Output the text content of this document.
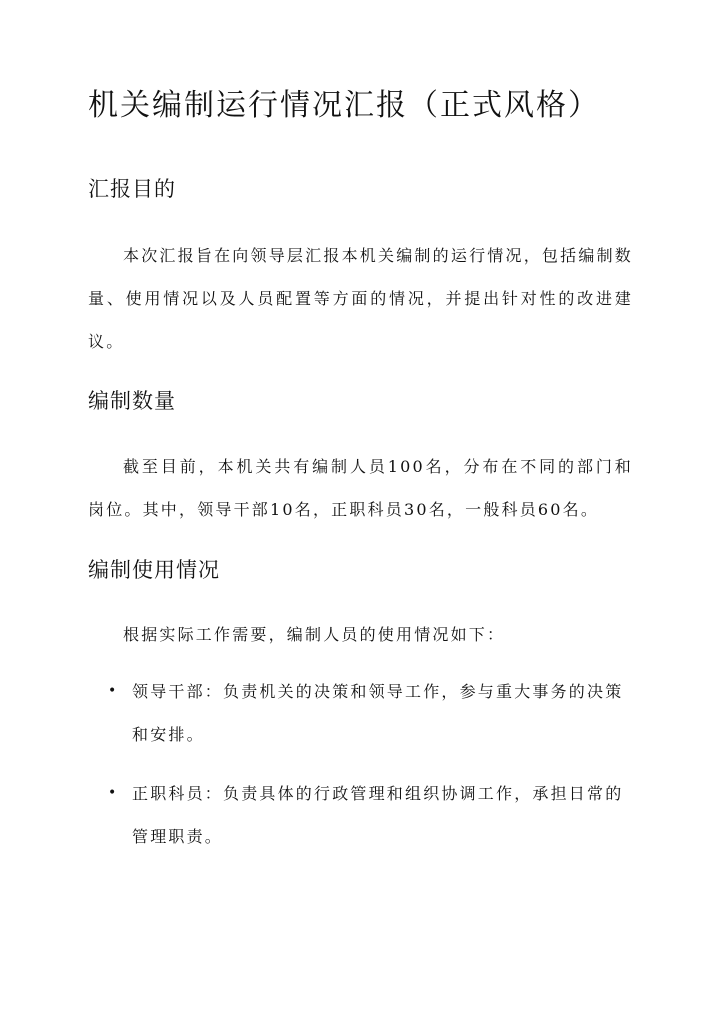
机关编制运行情况汇报（正式风格）
汇报目的

本次汇报旨在向领导层汇报本机关编制的运行情况，包括编制数量、使用情况以及人员配置等方面的情况，并提出针对性的改进建议。

编制数量

截至目前，本机关共有编制人员100名，分布在不同的部门和岗位。其中，领导干部10名，正职科员30名，一般科员60名。

编制使用情况

根据实际工作需要，编制人员的使用情况如下：

• 领导干部：负责机关的决策和领导工作，参与重大事务的决策和安排。
• 正职科员：负责具体的行政管理和组织协调工作，承担日常的管理职责。
